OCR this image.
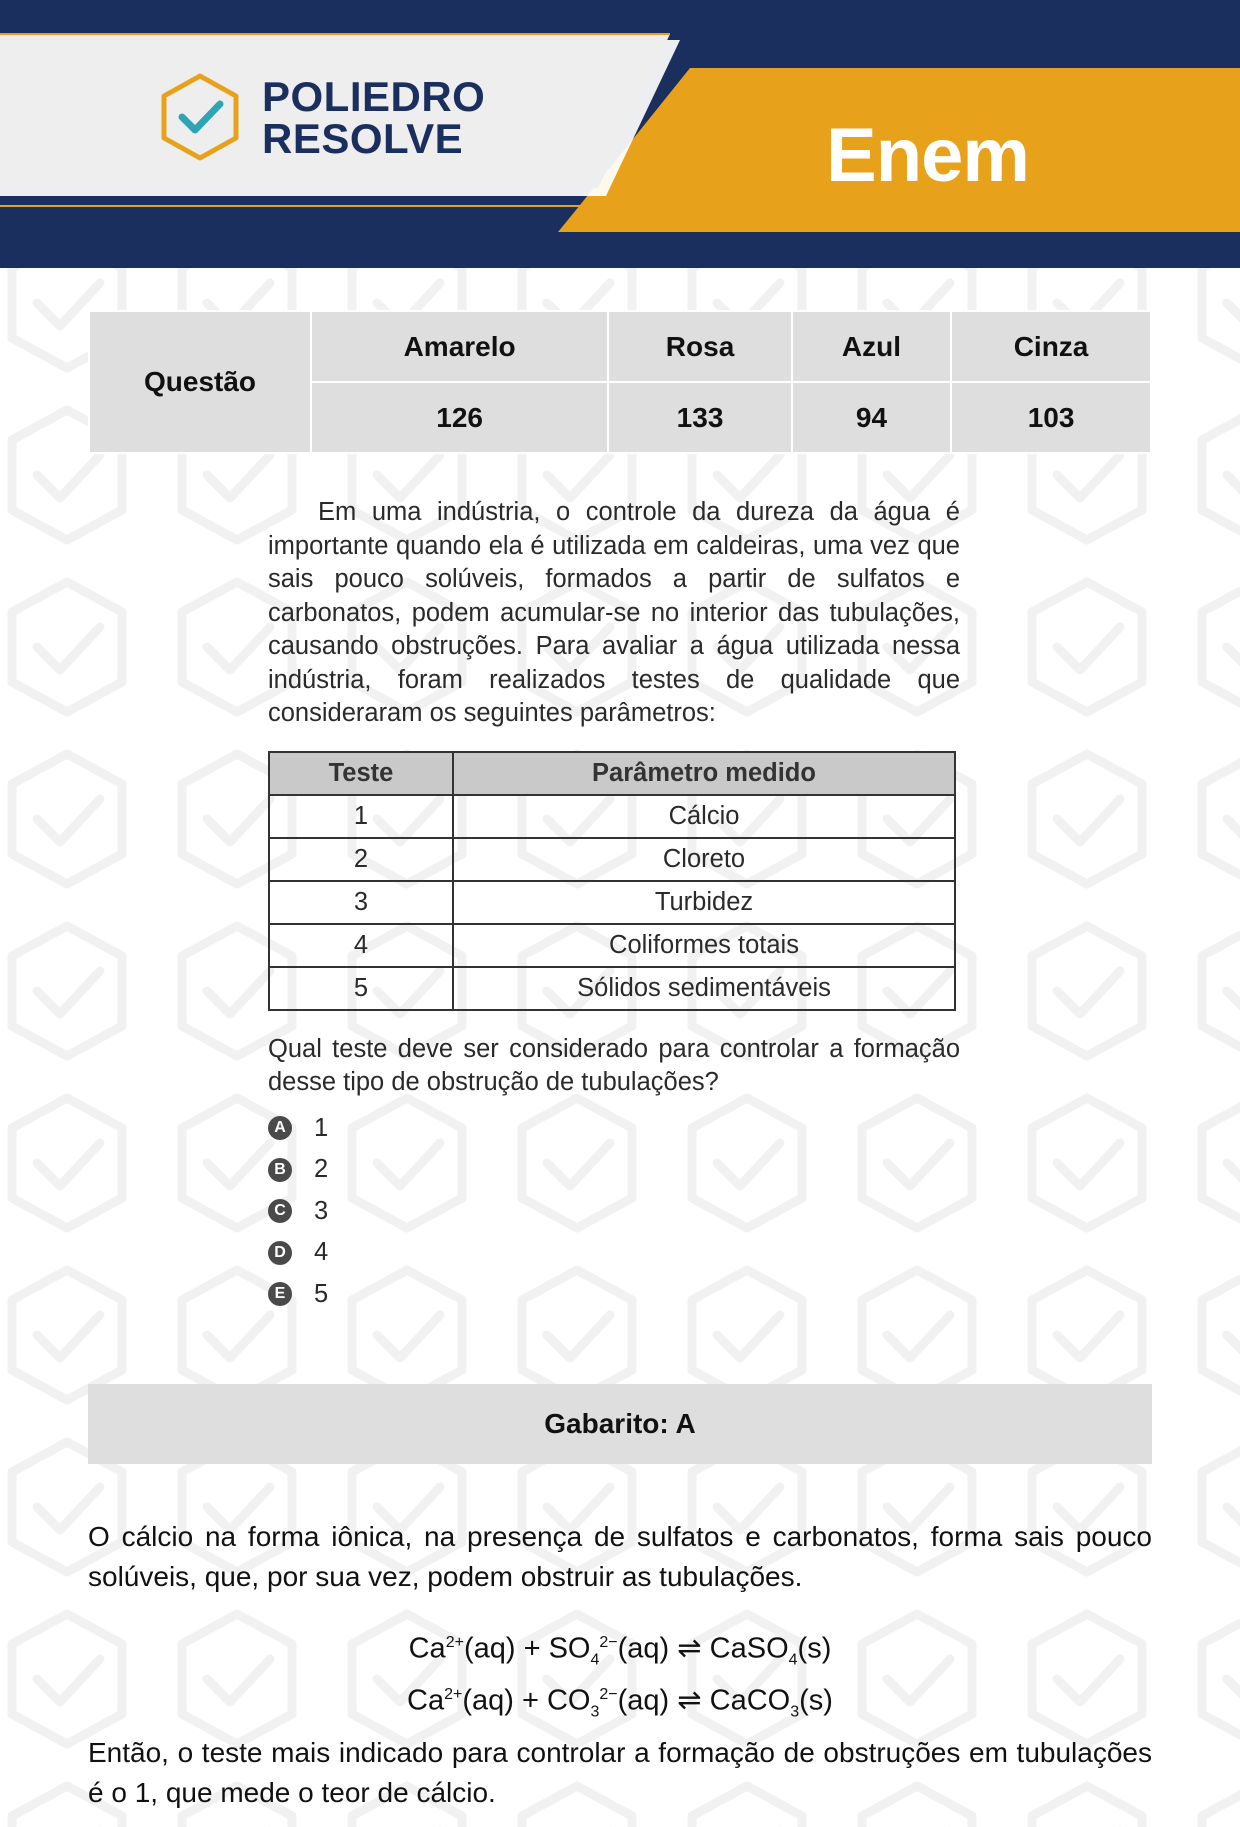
POLIEDRO
RESOLVE	Enem
Questão	Amarelo	Rosa	Azul	Cinza
	126	133	94	103

Em uma indústria, o controle da dureza da água é importante quando ela é utilizada em caldeiras, uma vez que sais pouco solúveis, formados a partir de sulfatos e carbonatos, podem acumular-se no interior das tubulações, causando obstruções. Para avaliar a água utilizada nessa indústria, foram realizados testes de qualidade que consideraram os seguintes parâmetros:

Teste	Parâmetro medido
1	Cálcio
2	Cloreto
3	Turbidez
4	Coliformes totais
5	Sólidos sedimentáveis
Qual teste deve ser considerado para controlar a formação desse tipo de obstrução de tubulações?
A 1
B 2
C 3
D 4
E 5
Gabarito: A

O cálcio na forma iônica, na presença de sulfatos e carbonatos, forma sais pouco solúveis, que, por sua vez, podem obstruir as tubulações.

$Ca^{2+}(aq) + SO_4^{2-}(aq)$ ⇌ CaSO$_4$(s)
$Ca^{2+}(aq) + CO_3^{2-}(aq)$ ⇌ CaCO$_3$(s)

Então, o teste mais indicado para controlar a formação de obstruções em tubulações é o 1, que mede o teor de cálcio.
